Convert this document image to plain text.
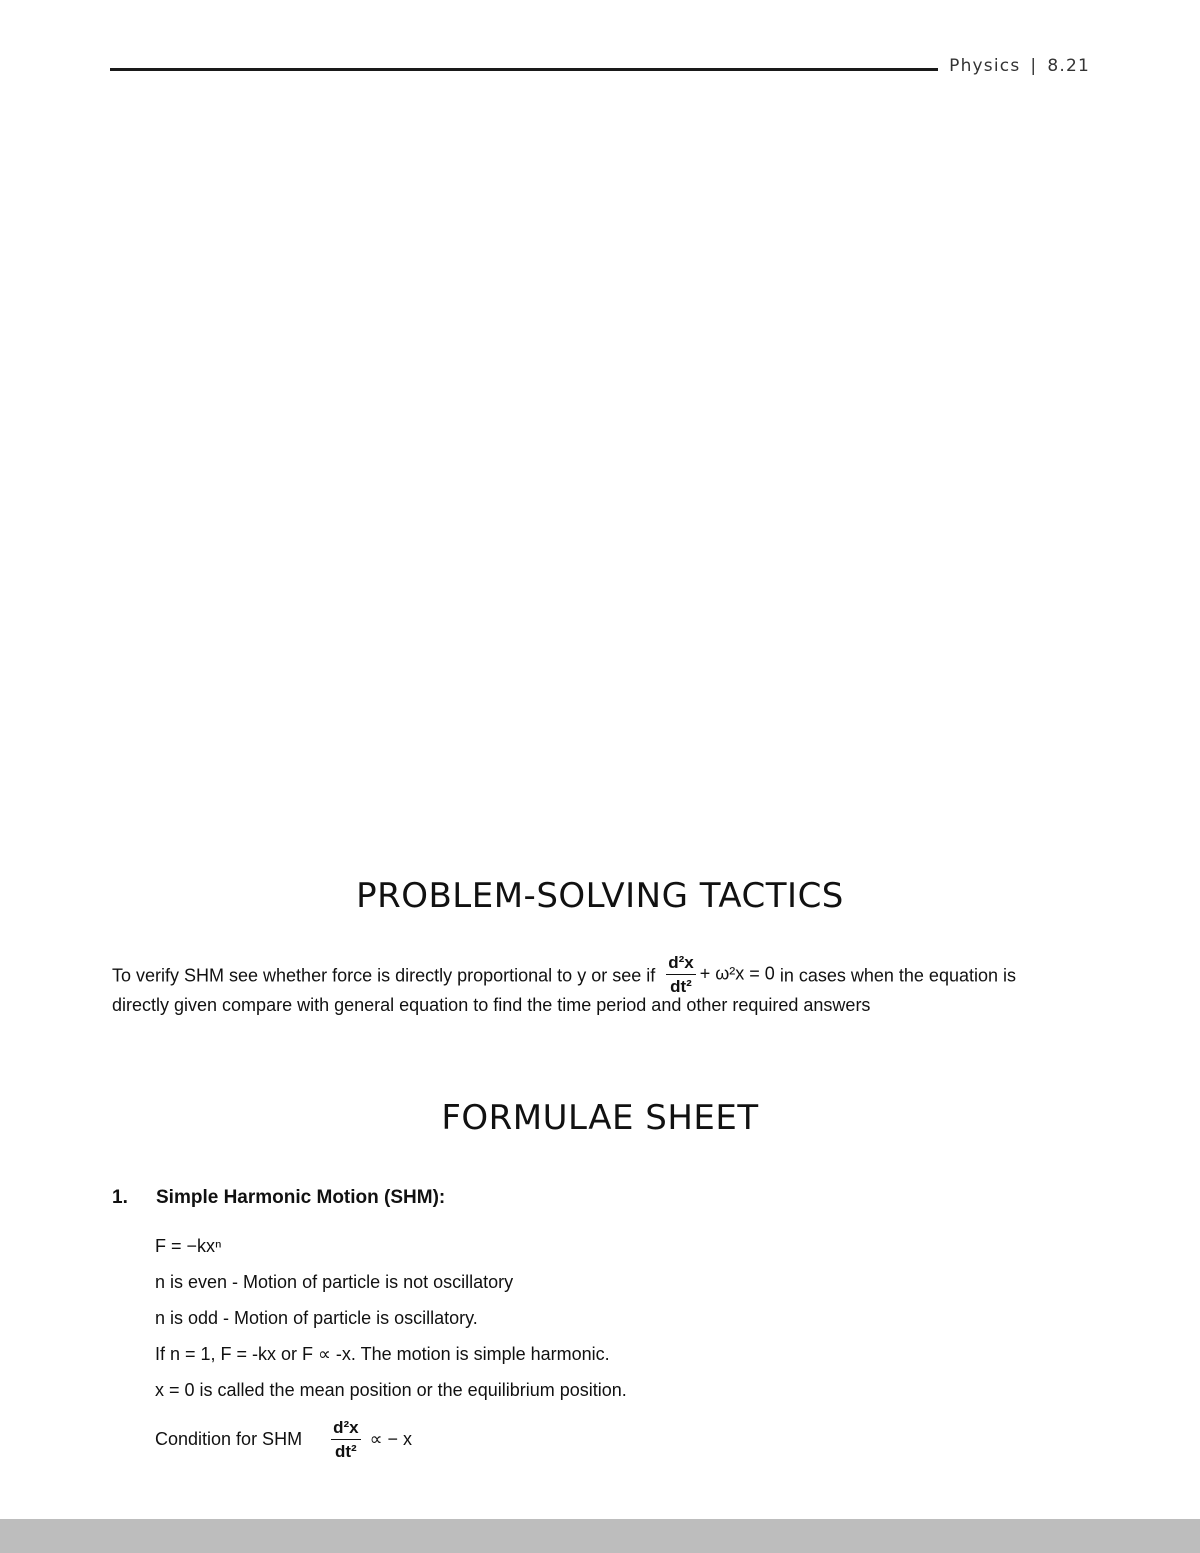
Physics | 8.21
PROBLEM-SOLVING TACTICS
To verify SHM see whether force is directly proportional to y or see if $\frac{\text{d²x}}{\text{dt²}} + \omega^2x = 0$ in cases when the equation is
directly given compare with general equation to find the time period and other required answers
FORMULAE SHEET
1. Simple Harmonic Motion (SHM):
F = −kxⁿ
n is even - Motion of particle is not oscillatory
n is odd - Motion of particle is oscillatory.
If n = 1, F = -kx or F ∝ -x. The motion is simple harmonic.
x = 0 is called the mean position or the equilibrium position.
Condition for SHM $\frac{\text{d²x}}{\text{dt²}}$ ∝ − x
